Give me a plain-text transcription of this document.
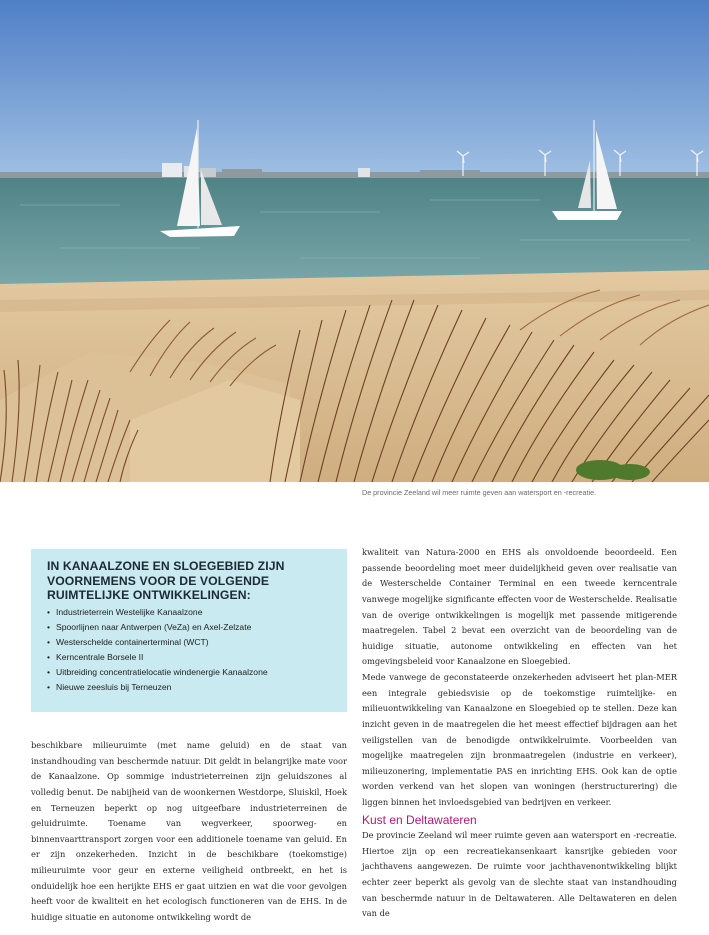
De provincie Zeeland wil meer ruimte geven aan watersport en -recreatie.
IN KANAALZONE EN SLOEGEBIED ZIJN VOORNEMENS VOOR DE VOLGENDE RUIMTELIJKE ONTWIKKELINGEN:
• Industrieterrein Westelijke Kanaalzone
• Spoorlijnen naar Antwerpen (VeZa) en Axel-Zelzate
• Westerschelde containerterminal (WCT)
• Kerncentrale Borsele II
• Uitbreiding concentratielocatie windenergie Kanaalzone
• Nieuwe zeesluis bij Terneuzen

beschikbare milieuruimte (met name geluid) en de staat van instandhouding van beschermde natuur. Dit geldt in belangrijke mate voor de Kanaalzone. Op sommige industrieterreinen zijn geluidszones al volledig benut. De nabijheid van de woonkernen Westdorpe, Sluiskil, Hoek en Terneuzen beperkt op nog uitgeefbare industrieterreinen de geluidruimte. Toename van wegverkeer, spoorweg- en binnenvaarttransport zorgen voor een additionele toename van geluid. En er zijn onzekerheden. Inzicht in de beschikbare (toekomstige) milieuruimte voor geur en externe veiligheid ontbreekt, en het is onduidelijk hoe een herijkte EHS er gaat uitzien en wat die voor gevolgen heeft voor de kwaliteit en het ecologisch functioneren van de EHS. In de huidige situatie en autonome ontwikkeling wordt de

kwaliteit van Natura-2000 en EHS als onvoldoende beoordeeld. Een passende beoordeling moet meer duidelijkheid geven over realisatie van de Westerschelde Container Terminal en een tweede kerncentrale vanwege mogelijke significante effecten voor de Westerschelde. Realisatie van de overige ontwikkelingen is mogelijk met passende mitigerende maatregelen. Tabel 2 bevat een overzicht van de beoordeling van de huidige situatie, autonome ontwikkeling en effecten van het omgevingsbeleid voor Kanaalzone en Sloegebied.

Mede vanwege de geconstateerde onzekerheden adviseert het plan-MER een integrale gebiedsvisie op de toekomstige ruimtelijke- en milieuontwikkeling van Kanaalzone en Sloegebied op te stellen. Deze kan inzicht geven in de maatregelen die het meest effectief bijdragen aan het veiligstellen van de benodigde ontwikkelruimte. Voorbeelden van mogelijke maatregelen zijn bronmaatregelen (industrie en verkeer), milieuzonering, implementatie PAS en inrichting EHS. Ook kan de optie worden verkend van het slopen van woningen (herstructurering) die liggen binnen het invloedsgebied van bedrijven en verkeer.

Kust en Deltawateren

De provincie Zeeland wil meer ruimte geven aan watersport en -recreatie. Hiertoe zijn op een recreatiekansenkaart kansrijke gebieden voor jachthavens aangewezen. De ruimte voor jachthavenontwikkeling blijkt echter zeer beperkt als gevolg van de slechte staat van instandhouding van beschermde natuur in de Deltawateren. Alle Deltawateren en delen van de
